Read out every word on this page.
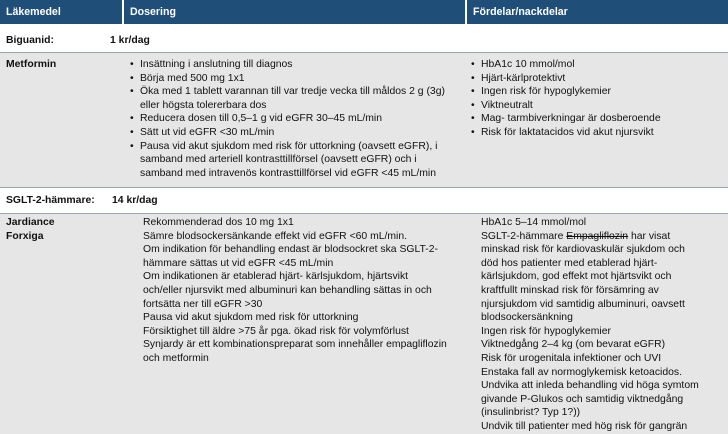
Läkemedel	Dosering	Fördelar/nackdelar
Biguanid:	1 kr/dag
Metformin
•	Insättning i anslutning till diagnos
• Börja med 500 mg 1x1
• Öka med 1 tablett varannan till var tredje vecka till måldos 2 g (3g) eller högsta tolererbara dos
• Reducera dosen till 0,5–1 g vid eGFR 30–45 mL/min
• Sätt ut vid eGFR <30 mL/min
• Pausa vid akut sjukdom med risk för uttorkning (oavsett eGFR), i samband med arteriell kontrasttillförsel (oavsett eGFR) och i samband med intravenös kontrasttillförsel vid eGFR <45 mL/min
• HbA1c 10 mmol/mol
• Hjärt-kärlprotektivt
• Ingen risk för hypoglykemier
• Viktneutralt
• Mag- tarmbiverkningar är dosberoende
• Risk för laktatacidos vid akut njursvikt
SGLT-2-hämmare: 14 kr/dag
Jardiance
Forxiga
Rekommenderad dos 10 mg 1x1
Sämre blodsockersänkande effekt vid eGFR <60 mL/min.
Om indikation för behandling endast är blodsockret ska SGLT-2-hämmare sättas ut vid eGFR <45 mL/min
Om indikationen är etablerad hjärt- kärlsjukdom, hjärtsvikt och/eller njursvikt med albuminuri kan behandling sättas in och fortsätta ner till eGFR >30
Pausa vid akut sjukdom med risk för uttorkning
Försiktighet till äldre >75 år pga. ökad risk för volymförlust
Synjardy är ett kombinationspreparat som innehåller empagliflozin och metformin
HbA1c 5–14 mmol/mol
SGLT-2-hämmare Empagliflozin har visat minskad risk för kardiovaskulär sjukdom och död hos patienter med etablerad hjärt-kärlsjukdom, god effekt mot hjärtsvikt och kraftfullt minskad risk för försämring av njursjukdom vid samtidig albuminuri, oavsett blodsockersänkning
Ingen risk för hypoglykemier
Viktnedgång 2–4 kg (om bevarat eGFR)
Risk för urogenitala infektioner och UVI
Enstaka fall av normoglykemisk ketoacidos.
Undvika att inleda behandling vid höga symtom givande P-Glukos och samtidig viktnedgång (insulinbrist? Typ 1?))
Undvik till patienter med hög risk för gangrän
